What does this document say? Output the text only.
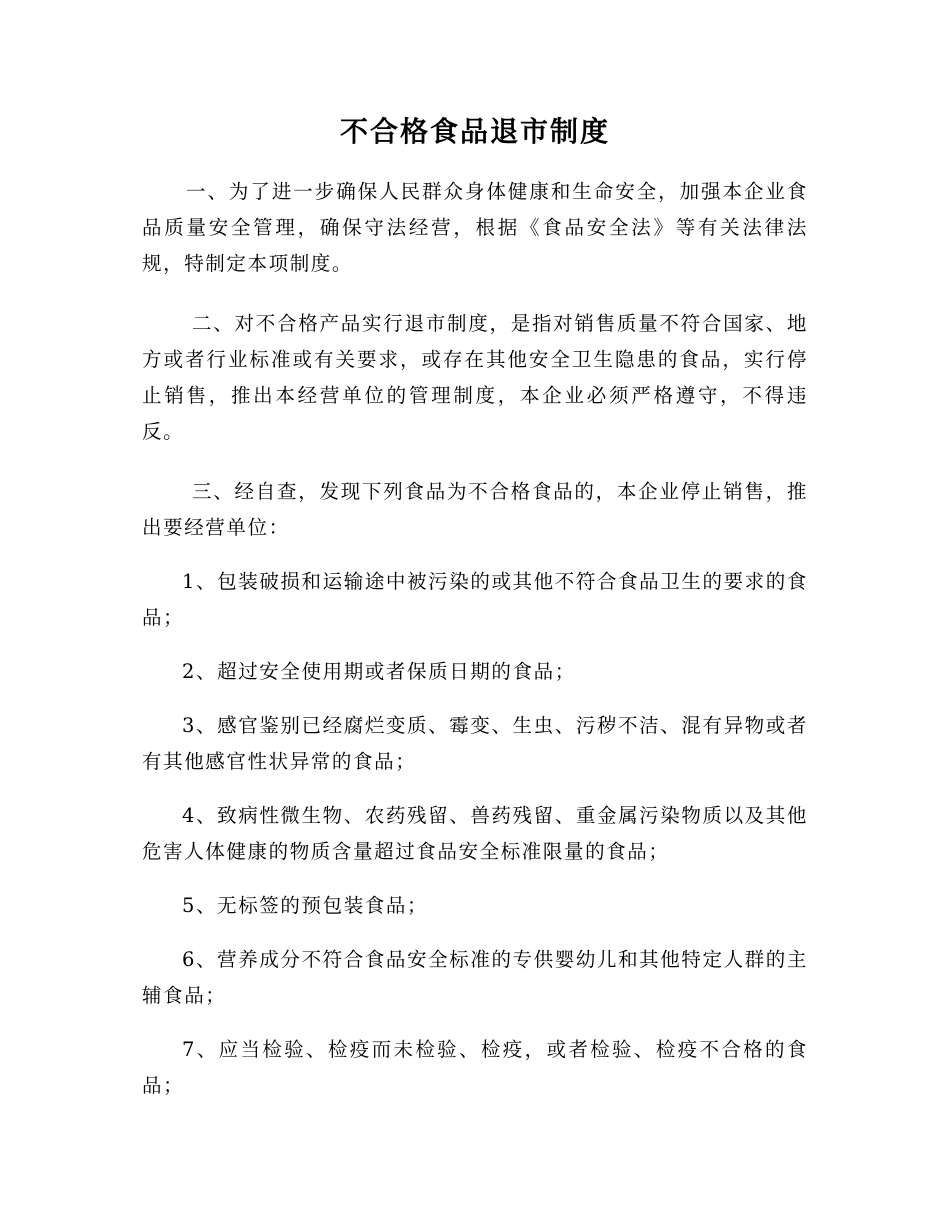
不合格食品退市制度

一、为了进一步确保人民群众身体健康和生命安全，加强本企业食品质量安全管理，确保守法经营，根据《食品安全法》等有关法律法规，特制定本项制度。

二、对不合格产品实行退市制度，是指对销售质量不符合国家、地方或者行业标准或有关要求，或存在其他安全卫生隐患的食品，实行停止销售，推出本经营单位的管理制度，本企业必须严格遵守，不得违反。

三、经自查，发现下列食品为不合格食品的，本企业停止销售，推出要经营单位：

1、包装破损和运输途中被污染的或其他不符合食品卫生的要求的食品；

2、超过安全使用期或者保质日期的食品；

3、感官鉴别已经腐烂变质、霉变、生虫、污秽不洁、混有异物或者有其他感官性状异常的食品；

4、致病性微生物、农药残留、兽药残留、重金属污染物质以及其他危害人体健康的物质含量超过食品安全标准限量的食品；

5、无标签的预包装食品；

6、营养成分不符合食品安全标准的专供婴幼儿和其他特定人群的主辅食品；

7、应当检验、检疫而未检验、检疫，或者检验、检疫不合格的食品；
